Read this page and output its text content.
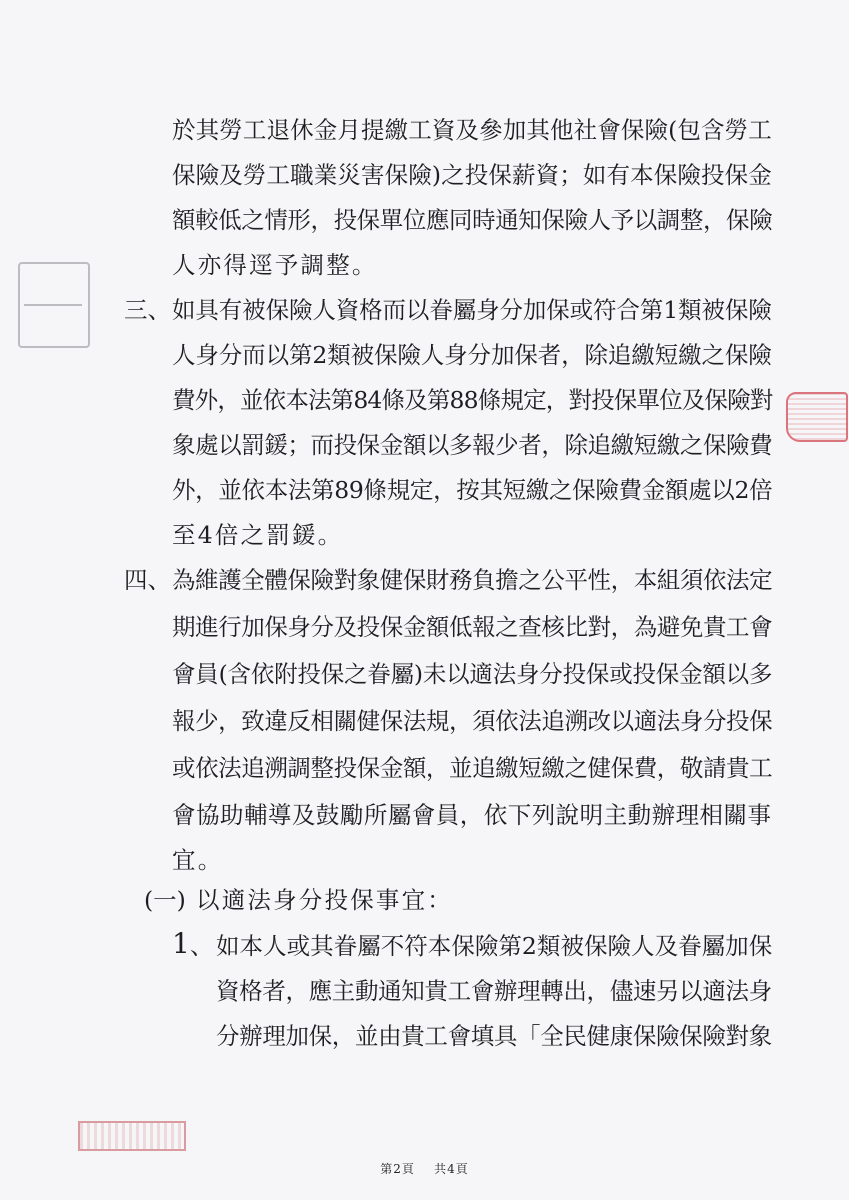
於其勞工退休金月提繳工資及參加其他社會保險(包含勞工
保險及勞工職業災害保險)之投保薪資；如有本保險投保金
額較低之情形，投保單位應同時通知保險人予以調整，保險
人亦得逕予調整。
三、 如具有被保險人資格而以眷屬身分加保或符合第1類被保險
人身分而以第2類被保險人身分加保者，除追繳短繳之保險
費外，並依本法第84條及第88條規定，對投保單位及保險對
象處以罰鍰；而投保金額以多報少者，除追繳短繳之保險費
外，並依本法第89條規定，按其短繳之保險費金額處以2倍
至4倍之罰鍰。
四、 為維護全體保險對象健保財務負擔之公平性，本組須依法定
期進行加保身分及投保金額低報之查核比對，為避免貴工會
會員(含依附投保之眷屬)未以適法身分投保或投保金額以多
報少，致違反相關健保法規，須依法追溯改以適法身分投保
或依法追溯調整投保金額，並追繳短繳之健保費，敬請貴工
會協助輔導及鼓勵所屬會員，依下列說明主動辦理相關事
宜。
(一) 以適法身分投保事宜：
1 、 如本人或其眷屬不符本保險第2類被保險人及眷屬加保
資格者，應主動通知貴工會辦理轉出，儘速另以適法身
分辦理加保，並由貴工會填具「全民健康保險保險對象
第2頁 共4頁
